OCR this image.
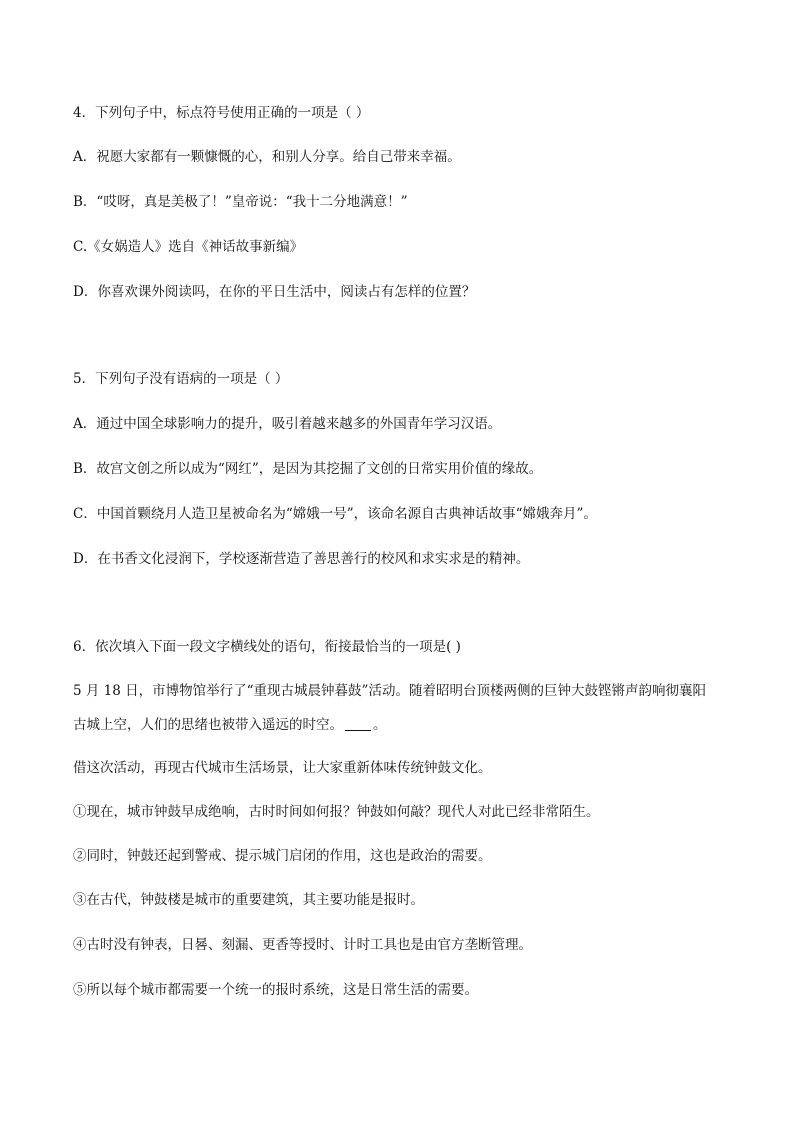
4．下列句子中，标点符号使用正确的一项是（ ）
A．祝愿大家都有一颗慷慨的心，和别人分享。给自己带来幸福。
B．“哎呀，真是美极了！”皇帝说：“我十二分地满意！”
C.《女娲造人》选自《神话故事新编》
D．你喜欢课外阅读吗，在你的平日生活中，阅读占有怎样的位置？
5．下列句子没有语病的一项是（ ）
A．通过中国全球影响力的提升，吸引着越来越多的外国青年学习汉语。
B．故宫文创之所以成为“网红”，是因为其挖掘了文创的日常实用价值的缘故。
C．中国首颗绕月人造卫星被命名为“嫦娥一号”，该命名源自古典神话故事“嫦娥奔月”。
D．在书香文化浸润下，学校逐渐营造了善思善行的校风和求实求是的精神。
6．依次填入下面一段文字横线处的语句，衔接最恰当的一项是( )
5 月 18 日，市博物馆举行了“重现古城晨钟暮鼓”活动。随着昭明台顶楼两侧的巨钟大鼓铿锵声韵响彻襄阳
古城上空，人们的思绪也被带入遥远的时空。 。
借这次活动，再现古代城市生活场景，让大家重新体味传统钟鼓文化。
①现在，城市钟鼓早成绝响，古时时间如何报？钟鼓如何敲？现代人对此已经非常陌生。
②同时，钟鼓还起到警戒、提示城门启闭的作用，这也是政治的需要。
③在古代，钟鼓楼是城市的重要建筑，其主要功能是报时。
④古时没有钟表，日晷、刻漏、更香等授时、计时工具也是由官方垄断管理。
⑤所以每个城市都需要一个统一的报时系统，这是日常生活的需要。
